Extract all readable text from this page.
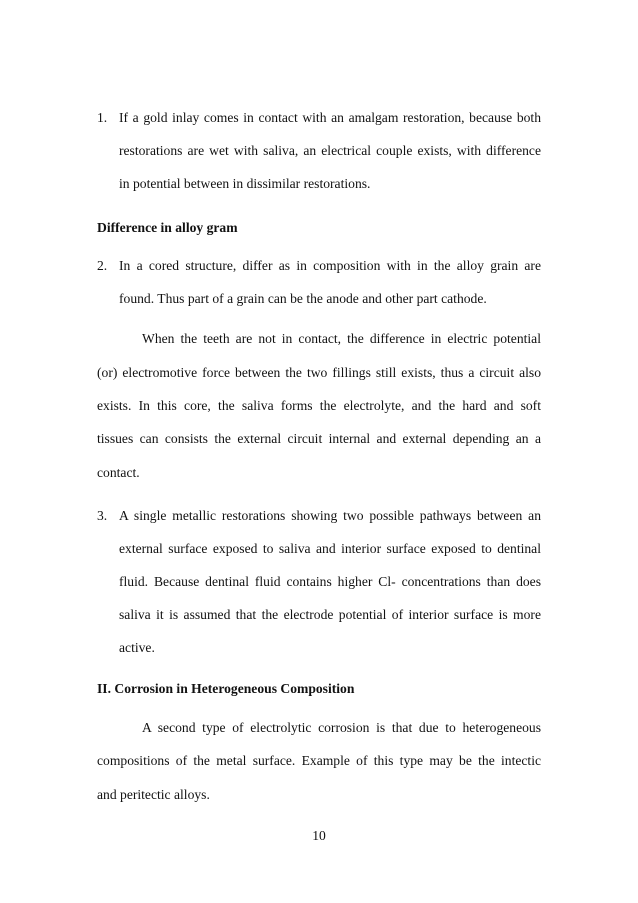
1. If a gold inlay comes in contact with an amalgam restoration, because both
restorations are wet with saliva, an electrical couple exists, with difference
in potential between in dissimilar restorations.
Difference in alloy gram
2. In a cored structure, differ as in composition with in the alloy grain are
found. Thus part of a grain can be the anode and other part cathode.
When the teeth are not in contact, the difference in electric potential
(or) electromotive force between the two fillings still exists, thus a circuit also
exists. In this core, the saliva forms the electrolyte, and the hard and soft
tissues can consists the external circuit internal and external depending an a
contact.
3. A single metallic restorations showing two possible pathways between an
external surface exposed to saliva and interior surface exposed to dentinal
fluid. Because dentinal fluid contains higher Cl- concentrations than does
saliva it is assumed that the electrode potential of interior surface is more
active.
II. Corrosion in Heterogeneous Composition
A second type of electrolytic corrosion is that due to heterogeneous
compositions of the metal surface. Example of this type may be the intectic
and peritectic alloys.
10
